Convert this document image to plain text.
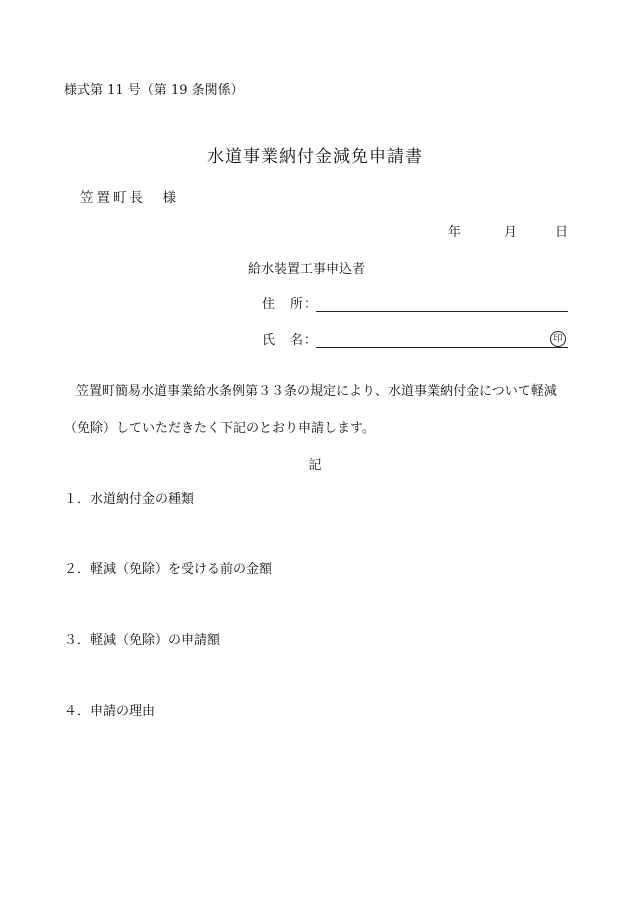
様式第 11 号（第 19 条関係）
水道事業納付金減免申請書
笠置町長　様
年	月	日
給水装置工事申込者
住　所：
氏　名：	印
笠置町簡易水道事業給水条例第３３条の規定により、水道事業納付金について軽減
（免除）していただきたく下記のとおり申請します。
記
１．水道納付金の種類
２．軽減（免除）を受ける前の金額
３．軽減（免除）の申請額
４．申請の理由
